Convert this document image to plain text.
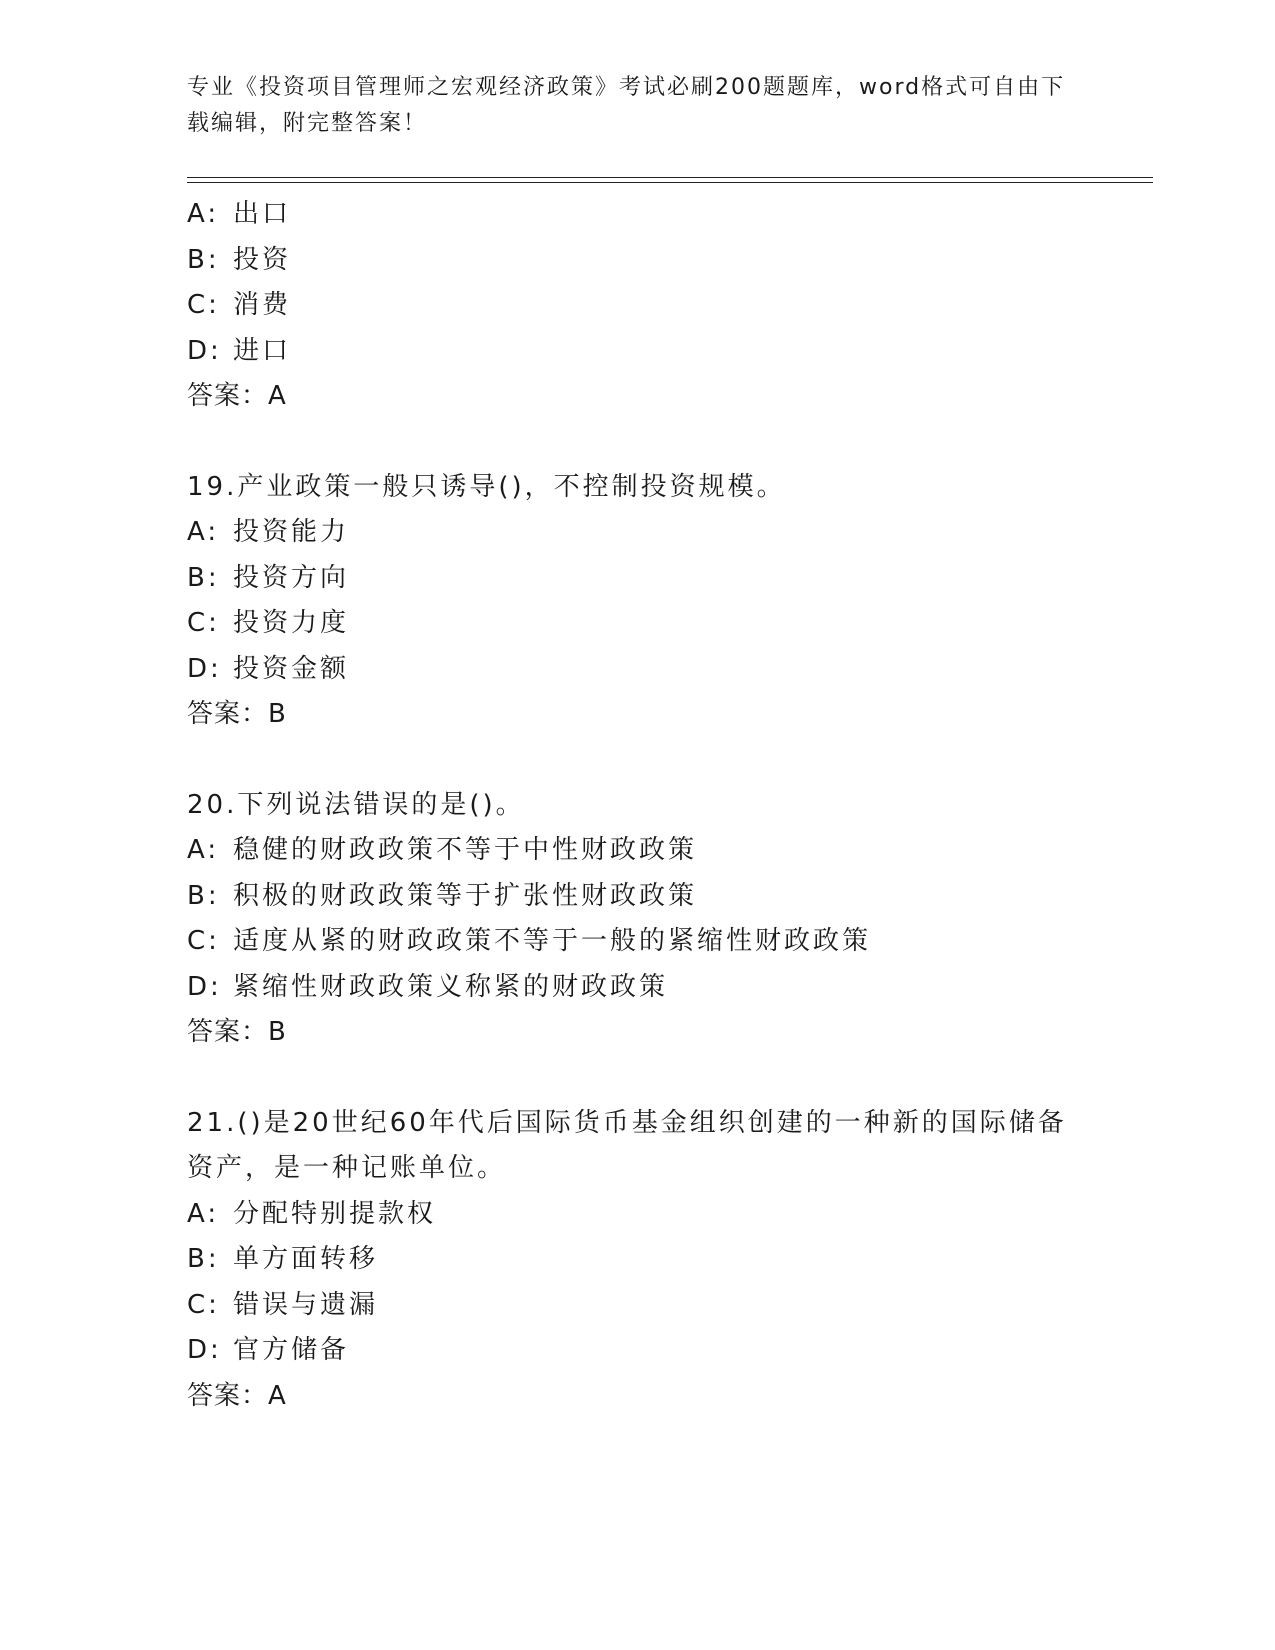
专业《投资项目管理师之宏观经济政策》考试必刷200题题库，word格式可自由下载编辑，附完整答案！
A: 出口
B: 投资
C: 消费
D: 进口
答案：A
19.产业政策一般只诱导()，不控制投资规模。
A: 投资能力
B: 投资方向
C: 投资力度
D: 投资金额
答案：B
20.下列说法错误的是()。
A: 稳健的财政政策不等于中性财政政策
B: 积极的财政政策等于扩张性财政政策
C: 适度从紧的财政政策不等于一般的紧缩性财政政策
D: 紧缩性财政政策义称紧的财政政策
答案：B
21.()是20世纪60年代后国际货币基金组织创建的一种新的国际储备资产，是一种记账单位。
A: 分配特别提款权
B: 单方面转移
C: 错误与遗漏
D: 官方储备
答案：A
